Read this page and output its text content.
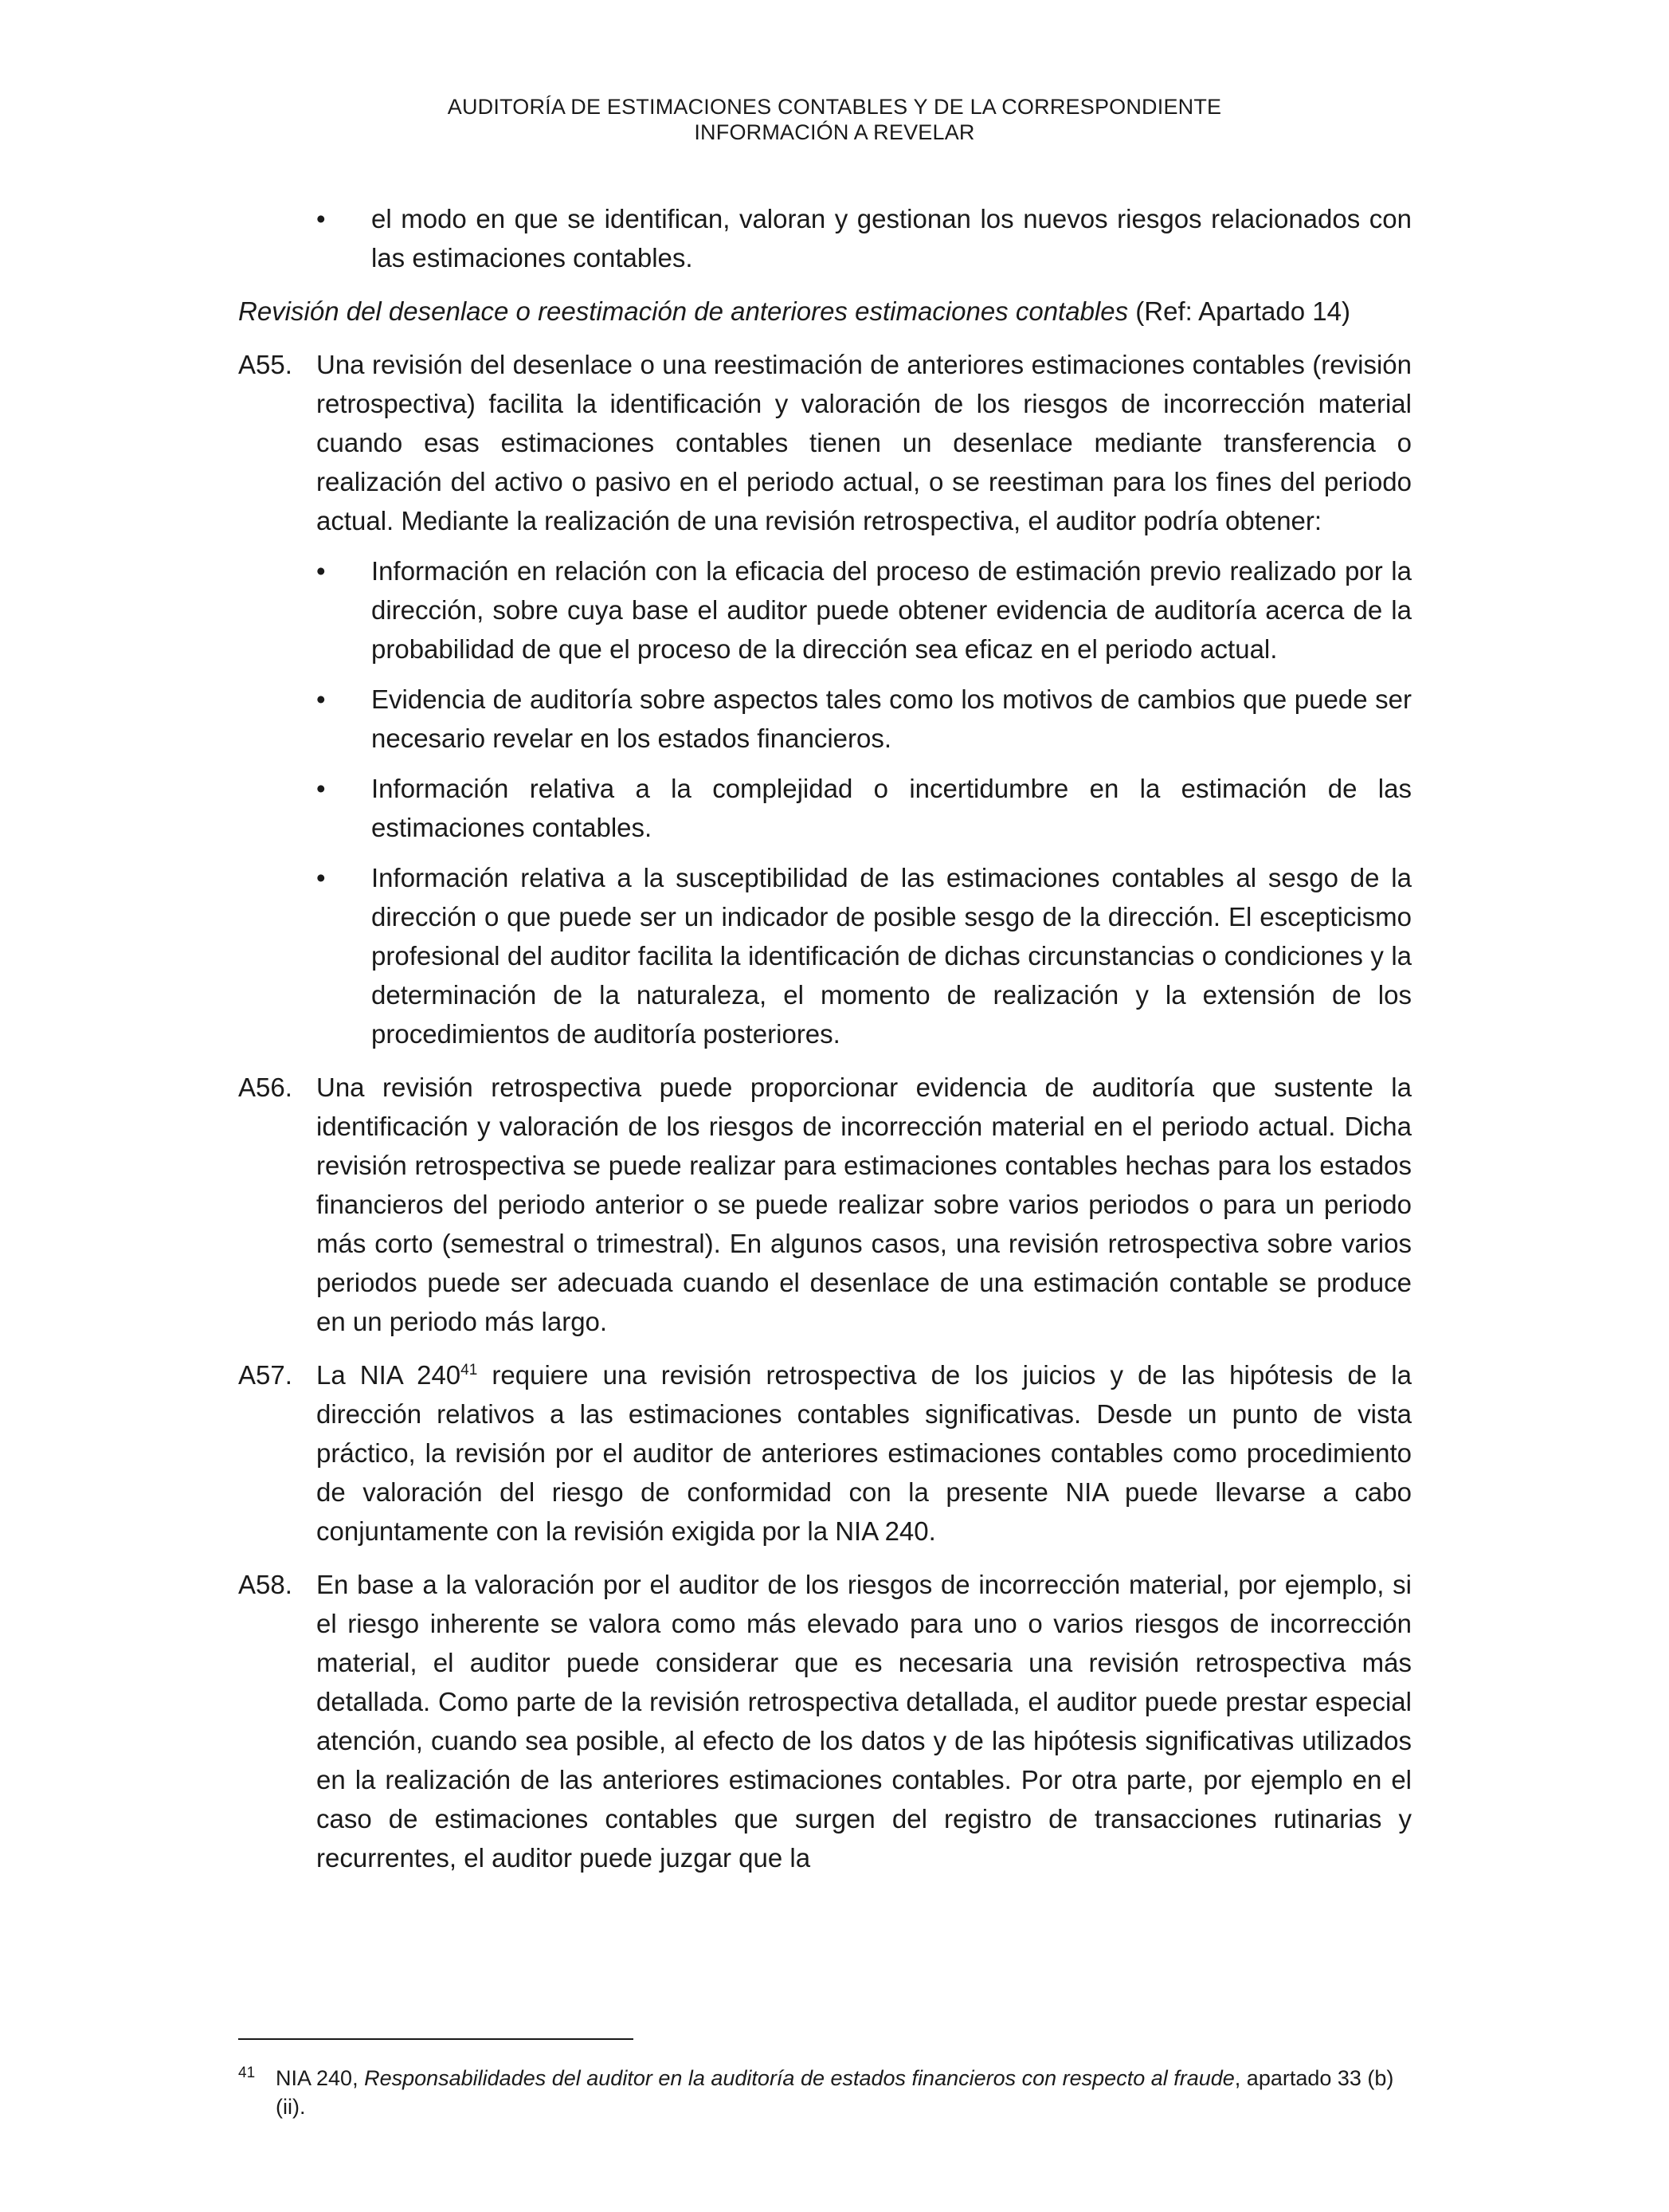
AUDITORÍA DE ESTIMACIONES CONTABLES Y DE LA CORRESPONDIENTE
INFORMACIÓN A REVELAR
• el modo en que se identifican, valoran y gestionan los nuevos riesgos relacionados con las estimaciones contables.
Revisión del desenlace o reestimación de anteriores estimaciones contables (Ref: Apartado 14)
A55. Una revisión del desenlace o una reestimación de anteriores estimaciones contables (revisión retrospectiva) facilita la identificación y valoración de los riesgos de incorrección material cuando esas estimaciones contables tienen un desenlace mediante transferencia o realización del activo o pasivo en el periodo actual, o se reestiman para los fines del periodo actual. Mediante la realización de una revisión retrospectiva, el auditor podría obtener:
• Información en relación con la eficacia del proceso de estimación previo realizado por la dirección, sobre cuya base el auditor puede obtener evidencia de auditoría acerca de la probabilidad de que el proceso de la dirección sea eficaz en el periodo actual.
• Evidencia de auditoría sobre aspectos tales como los motivos de cambios que puede ser necesario revelar en los estados financieros.
• Información relativa a la complejidad o incertidumbre en la estimación de las estimaciones contables.
• Información relativa a la susceptibilidad de las estimaciones contables al sesgo de la dirección o que puede ser un indicador de posible sesgo de la dirección. El escepticismo profesional del auditor facilita la identificación de dichas circunstancias o condiciones y la determinación de la naturaleza, el momento de realización y la extensión de los procedimientos de auditoría posteriores.
A56. Una revisión retrospectiva puede proporcionar evidencia de auditoría que sustente la identificación y valoración de los riesgos de incorrección material en el periodo actual. Dicha revisión retrospectiva se puede realizar para estimaciones contables hechas para los estados financieros del periodo anterior o se puede realizar sobre varios periodos o para un periodo más corto (semestral o trimestral). En algunos casos, una revisión retrospectiva sobre varios periodos puede ser adecuada cuando el desenlace de una estimación contable se produce en un periodo más largo.
A57. La NIA $240^{41}$ requiere una revisión retrospectiva de los juicios y de las hipótesis de la dirección relativos a las estimaciones contables significativas. Desde un punto de vista práctico, la revisión por el auditor de anteriores estimaciones contables como procedimiento de valoración del riesgo de conformidad con la presente NIA puede llevarse a cabo conjuntamente con la revisión exigida por la NIA 240.
A58. En base a la valoración por el auditor de los riesgos de incorrección material, por ejemplo, si el riesgo inherente se valora como más elevado para uno o varios riesgos de incorrección material, el auditor puede considerar que es necesaria una revisión retrospectiva más detallada. Como parte de la revisión retrospectiva detallada, el auditor puede prestar especial atención, cuando sea posible, al efecto de los datos y de las hipótesis significativas utilizados en la realización de las anteriores estimaciones contables. Por otra parte, por ejemplo en el caso de estimaciones contables que surgen del registro de transacciones rutinarias y recurrentes, el auditor puede juzgar que la
41 NIA 240, Responsabilidades del auditor en la auditoría de estados financieros con respecto al fraude, apartado 33 (b)(ii).
